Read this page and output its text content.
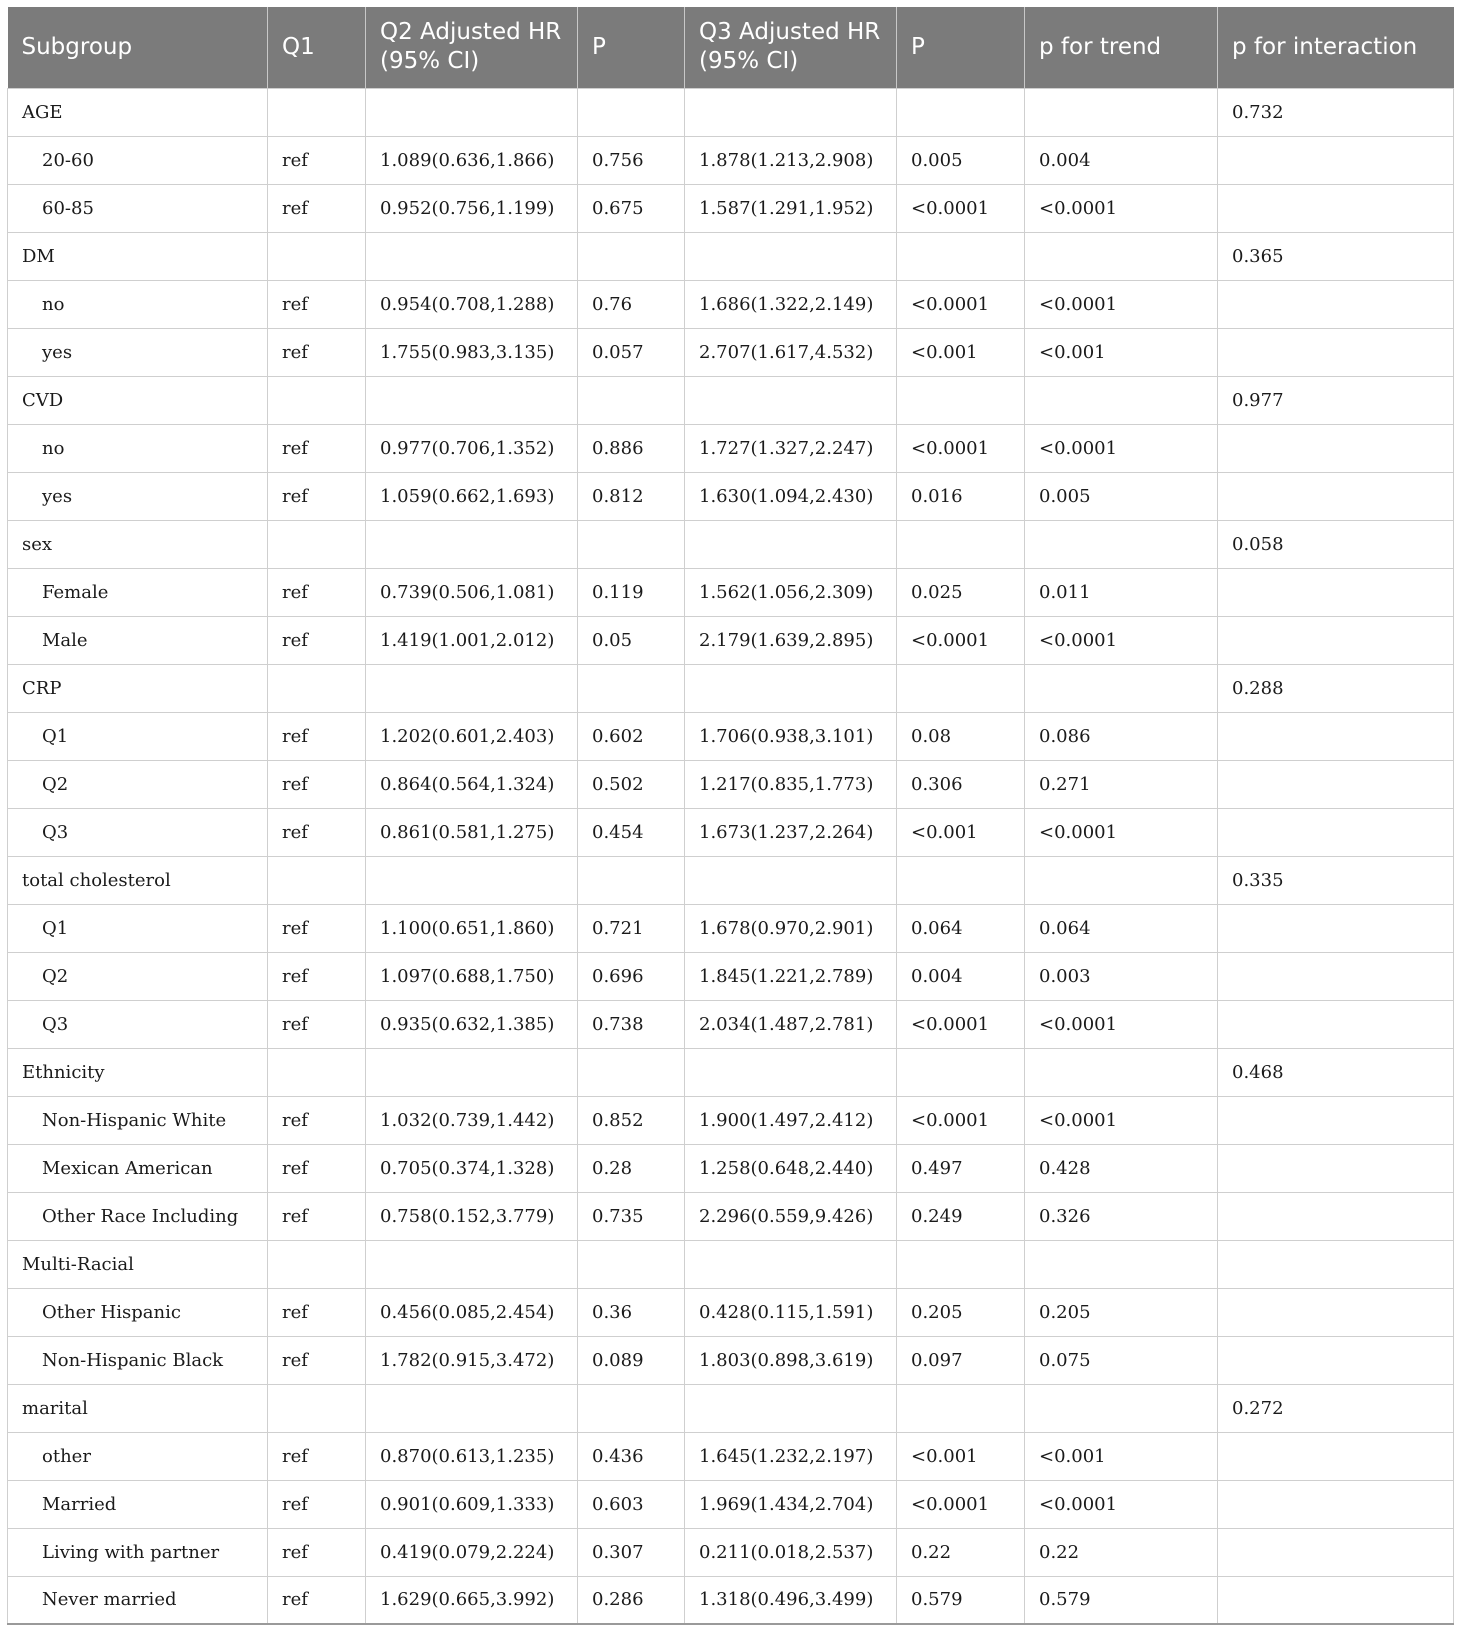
Subgroup	Q1	Q2 Adjusted HR (95% CI)	P	Q3 Adjusted HR (95% CI)	P	p for trend	p for interaction
AGE							0.732
20-60	ref	1.089(0.636,1.866)	0.756	1.878(1.213,2.908)	0.005	0.004	
60-85	ref	0.952(0.756,1.199)	0.675	1.587(1.291,1.952)	<0.0001	<0.0001	
DM							0.365
no	ref	0.954(0.708,1.288)	0.76	1.686(1.322,2.149)	<0.0001	<0.0001	
yes	ref	1.755(0.983,3.135)	0.057	2.707(1.617,4.532)	<0.001	<0.001	
CVD							0.977
no	ref	0.977(0.706,1.352)	0.886	1.727(1.327,2.247)	<0.0001	<0.0001	
yes	ref	1.059(0.662,1.693)	0.812	1.630(1.094,2.430)	0.016	0.005	
sex							0.058
Female	ref	0.739(0.506,1.081)	0.119	1.562(1.056,2.309)	0.025	0.011	
Male	ref	1.419(1.001,2.012)	0.05	2.179(1.639,2.895)	<0.0001	<0.0001	
CRP							0.288
Q1	ref	1.202(0.601,2.403)	0.602	1.706(0.938,3.101)	0.08	0.086	
Q2	ref	0.864(0.564,1.324)	0.502	1.217(0.835,1.773)	0.306	0.271	
Q3	ref	0.861(0.581,1.275)	0.454	1.673(1.237,2.264)	<0.001	<0.0001	
total cholesterol							0.335
Q1	ref	1.100(0.651,1.860)	0.721	1.678(0.970,2.901)	0.064	0.064	
Q2	ref	1.097(0.688,1.750)	0.696	1.845(1.221,2.789)	0.004	0.003	
Q3	ref	0.935(0.632,1.385)	0.738	2.034(1.487,2.781)	<0.0001	<0.0001	
Ethnicity							0.468
Non-Hispanic White	ref	1.032(0.739,1.442)	0.852	1.900(1.497,2.412)	<0.0001	<0.0001	
Mexican American	ref	0.705(0.374,1.328)	0.28	1.258(0.648,2.440)	0.497	0.428	
Other Race Including	ref	0.758(0.152,3.779)	0.735	2.296(0.559,9.426)	0.249	0.326	
Multi-Racial							
Other Hispanic	ref	0.456(0.085,2.454)	0.36	0.428(0.115,1.591)	0.205	0.205	
Non-Hispanic Black	ref	1.782(0.915,3.472)	0.089	1.803(0.898,3.619)	0.097	0.075	
marital							0.272
other	ref	0.870(0.613,1.235)	0.436	1.645(1.232,2.197)	<0.001	<0.001	
Married	ref	0.901(0.609,1.333)	0.603	1.969(1.434,2.704)	<0.0001	<0.0001	
Living with partner	ref	0.419(0.079,2.224)	0.307	0.211(0.018,2.537)	0.22	0.22	
Never married	ref	1.629(0.665,3.992)	0.286	1.318(0.496,3.499)	0.579	0.579	
